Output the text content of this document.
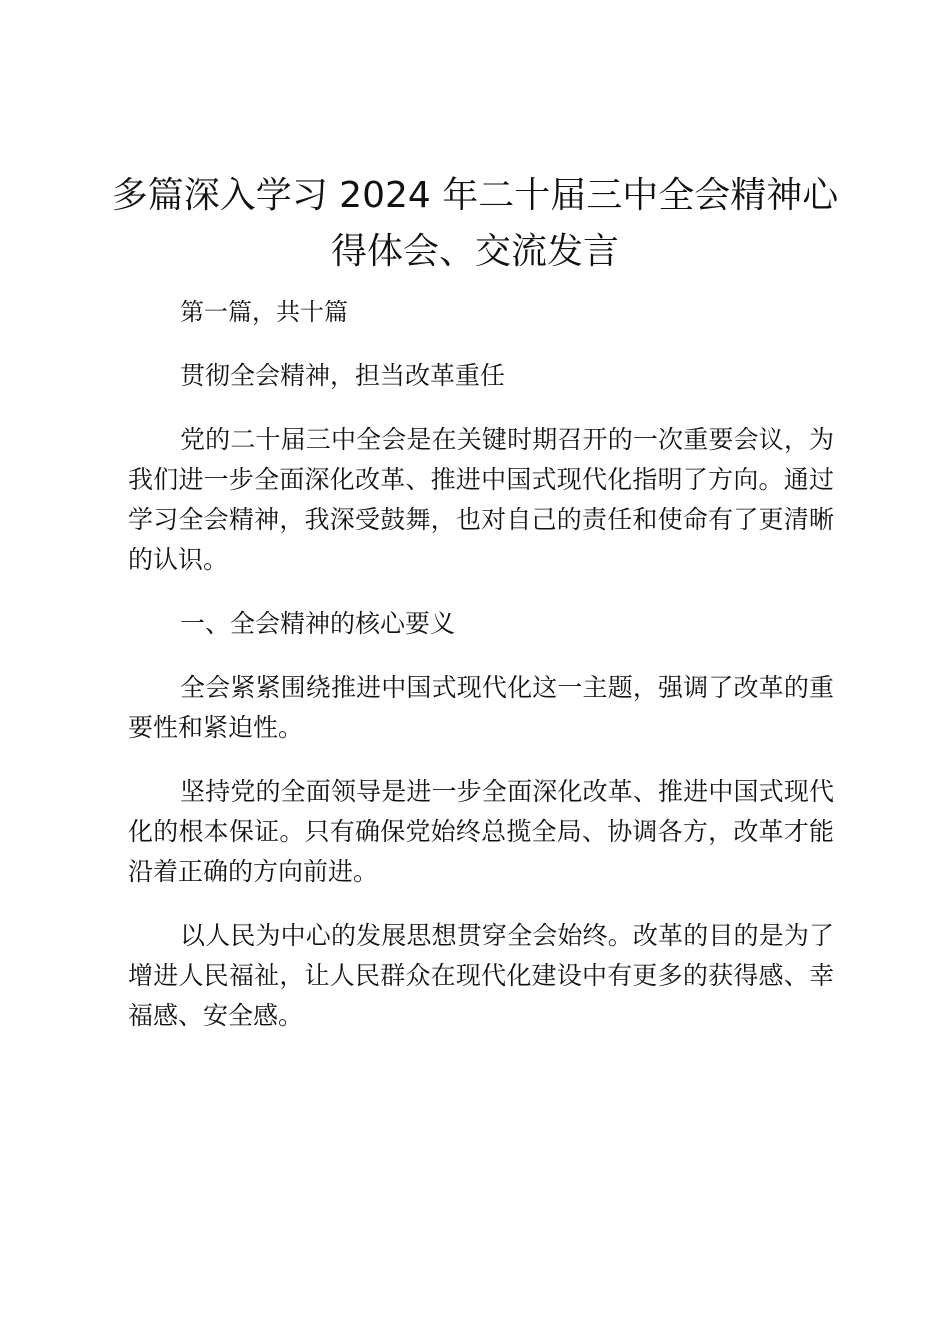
多篇深入学习 2024 年二十届三中全会精神心
得体会、交流发言

第一篇，共十篇

贯彻全会精神，担当改革重任

党的二十届三中全会是在关键时期召开的一次重要会议，为我们进一步全面深化改革、推进中国式现代化指明了方向。通过学习全会精神，我深受鼓舞，也对自己的责任和使命有了更清晰的认识。

一、全会精神的核心要义

全会紧紧围绕推进中国式现代化这一主题，强调了改革的重要性和紧迫性。

坚持党的全面领导是进一步全面深化改革、推进中国式现代化的根本保证。只有确保党始终总揽全局、协调各方，改革才能沿着正确的方向前进。

以人民为中心的发展思想贯穿全会始终。改革的目的是为了增进人民福祉，让人民群众在现代化建设中有更多的获得感、幸福感、安全感。
